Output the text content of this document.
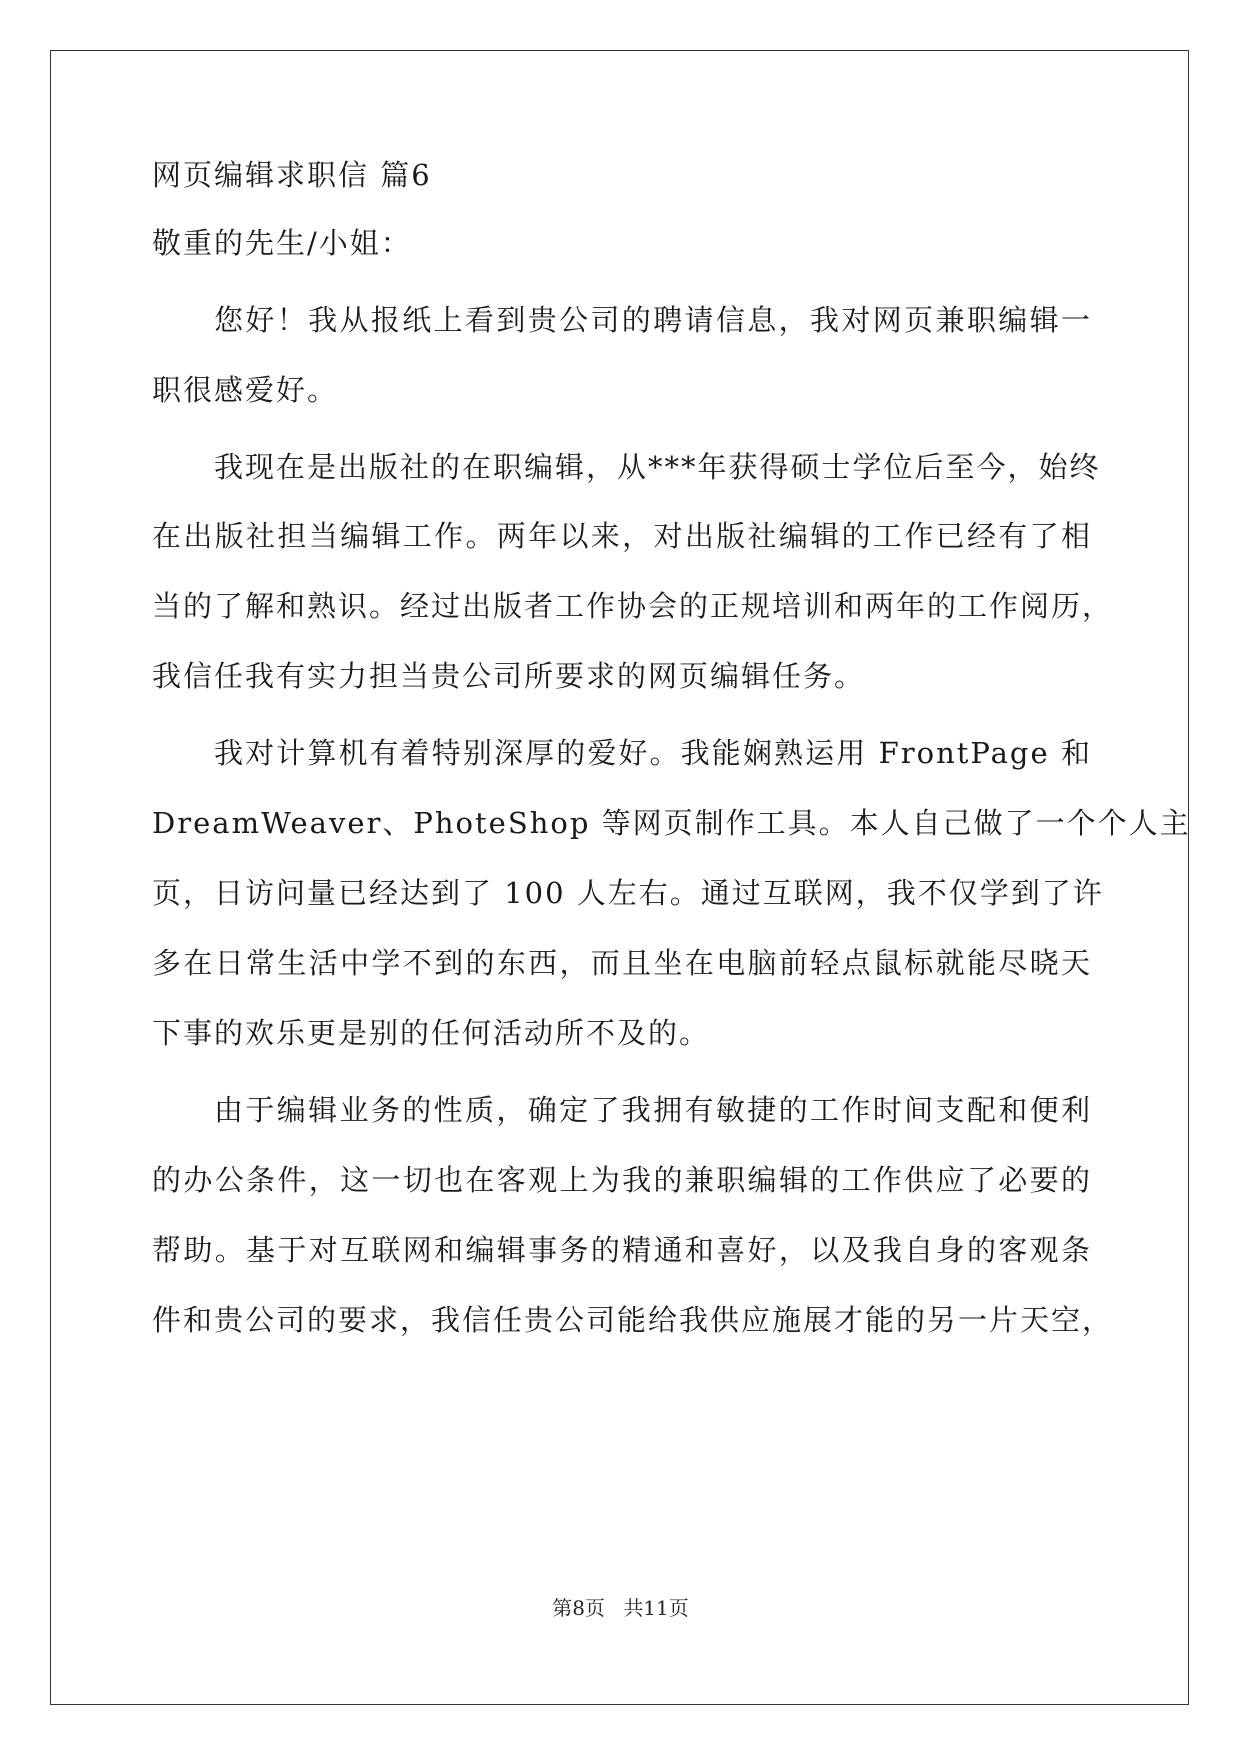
网页编辑求职信 篇6
敬重的先生/小姐：
您好！我从报纸上看到贵公司的聘请信息，我对网页兼职编辑一
职很感爱好。
我现在是出版社的在职编辑，从***年获得硕士学位后至今，始终
在出版社担当编辑工作。两年以来，对出版社编辑的工作已经有了相
当的了解和熟识。经过出版者工作协会的正规培训和两年的工作阅历，
我信任我有实力担当贵公司所要求的网页编辑任务。
我对计算机有着特别深厚的爱好。我能娴熟运用 FrontPage 和
DreamWeaver、PhoteShop 等网页制作工具。本人自己做了一个个人主
页，日访问量已经达到了 100 人左右。通过互联网，我不仅学到了许
多在日常生活中学不到的东西，而且坐在电脑前轻点鼠标就能尽晓天
下事的欢乐更是别的任何活动所不及的。
由于编辑业务的性质，确定了我拥有敏捷的工作时间支配和便利
的办公条件，这一切也在客观上为我的兼职编辑的工作供应了必要的
帮助。基于对互联网和编辑事务的精通和喜好，以及我自身的客观条
件和贵公司的要求，我信任贵公司能给我供应施展才能的另一片天空，
第8页 共11页
